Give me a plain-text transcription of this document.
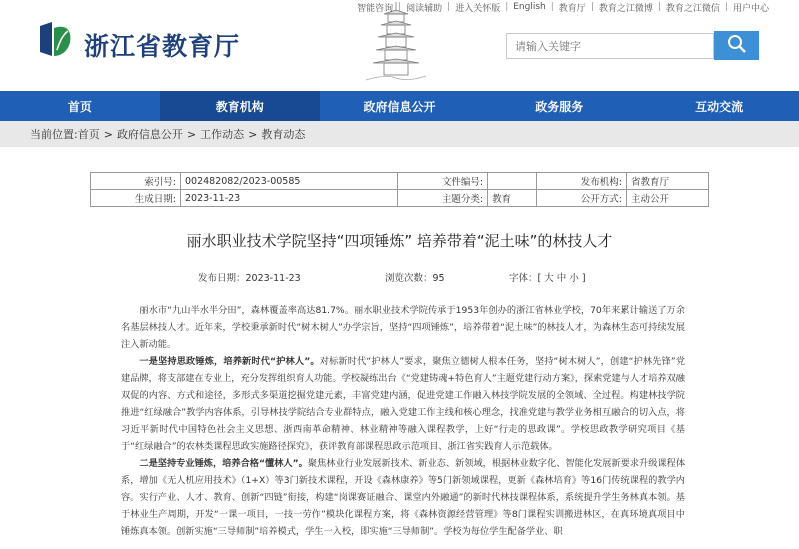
浙江省教育厅
请输入关键字
智能咨询 | 阅读辅助 | 进入关怀版 | English | 教育厅 | 教育之江微博 | 教育之江微信 | 用户中心
首页	教育机构	政府信息公开	政务服务	互动交流
当前位置: 首页 > 政府信息公开 > 工作动态 > 教育动态
索引号:	002482082/2023-00585	文件编号:		发布机构:	省教育厅
生成日期:	2023-11-23	主题分类:	教育	公开方式:	主动公开
丽水职业技术学院坚持“四项锤炼” 培养带着“泥土味”的林技人才
发布日期：2023-11-23	浏览次数：95	字体：[ 大 中 小 ]

丽水市“九山半水半分田”，森林覆盖率高达81.7%。丽水职业技术学院传承于1953年创办的浙江省林业学校，70年来累计输送了万余名基层林技人才。近年来，学校秉承新时代“树木树人”办学宗旨，坚持“四项锤炼”，培养带着“泥土味”的林技人才，为森林生态可持续发展注入新动能。

一是坚持思政锤炼，培养新时代“护林人”。对标新时代“护林人”要求，聚焦立德树人根本任务，坚持“树木树人”，创建“护林先锋”党建品牌，将支部建在专业上，充分发挥组织育人功能。学校凝练出台《“党建铸魂+特色育人”主题党建行动方案》，探索党建与人才培养双融双促的内容、方式和途径，多形式多渠道挖掘党建元素，丰富党建内涵，促进党建工作融入林技学院发展的全领域、全过程。构建林技学院推进“红绿融合”教学内容体系，引导林技学院结合专业群特点，融入党建工作主线和核心理念，找准党建与教学业务相互融合的切入点，将习近平新时代中国特色社会主义思想、浙西南革命精神、林业精神等融入课程教学，上好“行走的思政课”。学校思政教学研究项目《基于“红绿融合”的农林类课程思政实施路径探究》，获评教育部课程思政示范项目、浙江省实践育人示范载体。

二是坚持专业锤炼，培养合格“懂林人”。聚焦林业行业发展新技术、新业态、新领域，根据林业数字化、智能化发展新要求升级课程体系，增加《无人机应用技术》（1+X）等3门新技术课程，开设《森林康养》等5门新领域课程，更新《森林培育》等16门传统课程的教学内容。实行产业、人才、教育、创新“四链”衔接，构建“岗课赛证融合、课堂内外融通”的新时代林技课程体系，系统提升学生务林真本领。基于林业生产周期，开发“一课一项目，一技一劳作”模块化课程方案，将《森林资源经营管理》等8门课程实训搬进林区，在真环境真项目中锤炼真本领。创新实施“三导师制”培养模式，学生一入校，即实施“三导师制”。学校为每位学生配备学业、职
